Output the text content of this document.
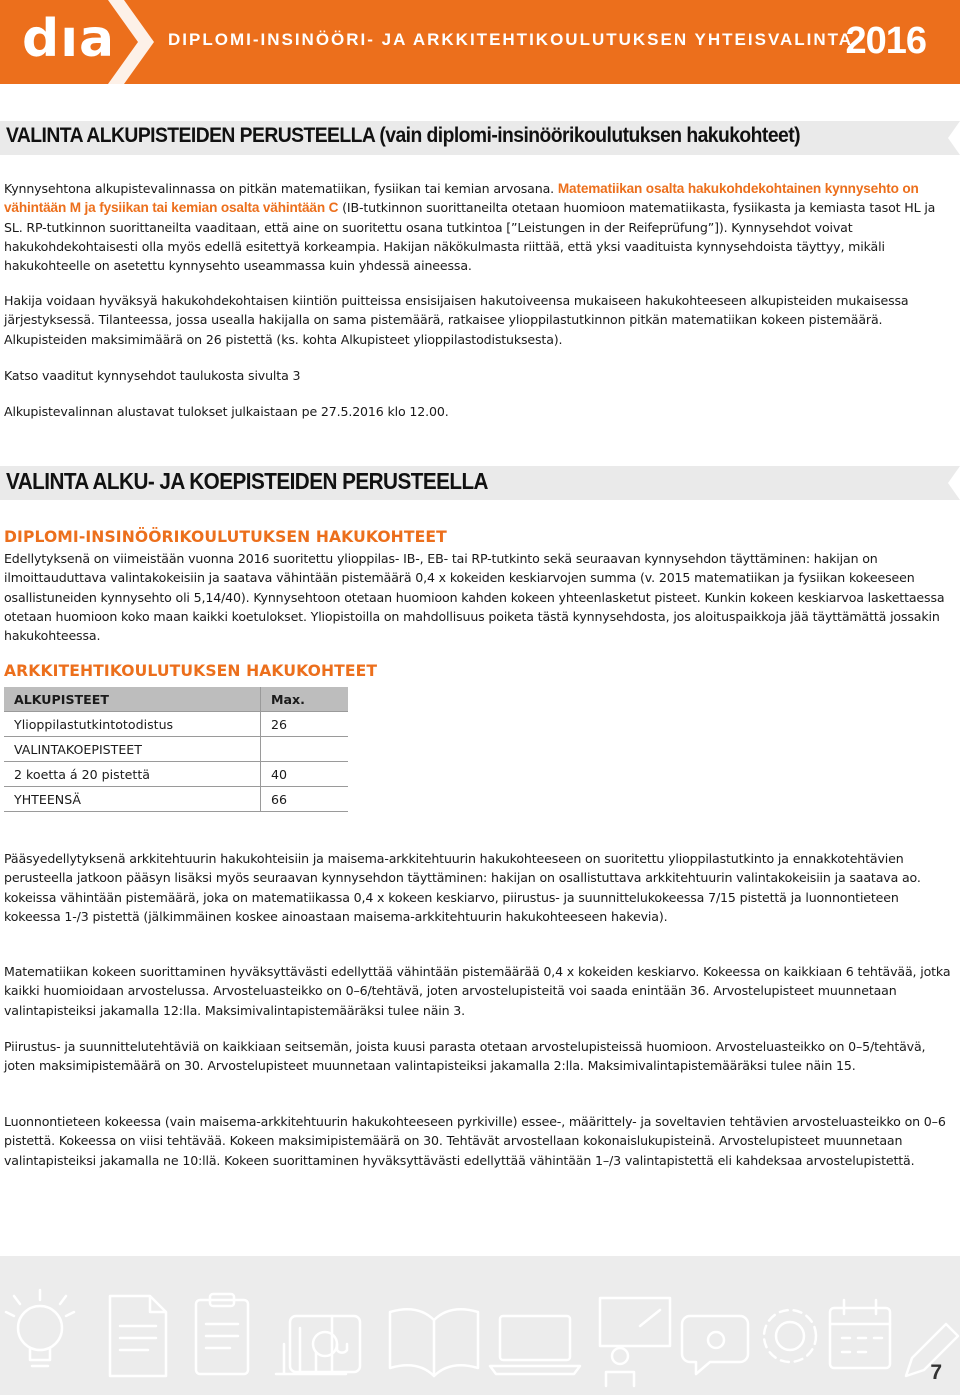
dıa	DIPLOMI-INSINÖÖRI- JA ARKKITEHTIKOULUTUKSEN YHTEISVALINTA
2016
VALINTA ALKUPISTEIDEN PERUSTEELLA (vain diplomi-insinöörikoulutuksen hakukohteet)

Kynnysehtona alkupistevalinnassa on pitkän matematiikan, fysiikan tai kemian arvosana. Matematiikan osalta hakukohdekohtainen kynnysehto on vähintään M ja fysiikan tai kemian osalta vähintään C (IB-tutkinnon suorittaneilta otetaan huomioon matematiikasta, fysiikasta ja kemiasta tasot HL ja SL. RP-tutkinnon suorittaneilta vaaditaan, että aine on suoritettu osana tutkintoa [”Leistungen in der Reifeprüfung”]). Kynnysehdot voivat hakukohdekohtaisesti olla myös edellä esitettyä korkeampia. Hakijan näkökulmasta riittää, että yksi vaadituista kynnysehdoista täyttyy, mikäli hakukohteelle on asetettu kynnysehto useammassa kuin yhdessä aineessa.

Hakija voidaan hyväksyä hakukohdekohtaisen kiintiön puitteissa ensisijaisen hakutoiveensa mukaiseen hakukohteeseen alkupisteiden mukaisessa järjestyksessä. Tilanteessa, jossa usealla hakijalla on sama pistemäärä, ratkaisee ylioppilastutkinnon pitkän matematiikan kokeen pistemäärä. Alkupisteiden maksimimäärä on 26 pistettä (ks. kohta Alkupisteet ylioppilastodistuksesta).

Katso vaaditut kynnysehdot taulukosta sivulta 3

Alkupistevalinnan alustavat tulokset julkaistaan pe 27.5.2016 klo 12.00.

VALINTA ALKU- JA KOEPISTEIDEN PERUSTEELLA
DIPLOMI-INSINÖÖRIKOULUTUKSEN HAKUKOHTEET

Edellytyksenä on viimeistään vuonna 2016 suoritettu ylioppilas- IB-, EB- tai RP-tutkinto sekä seuraavan kynnysehdon täyttäminen: hakijan on ilmoittauduttava valintakokeisiin ja saatava vähintään pistemäärä 0,4 x kokeiden keskiarvojen summa (v. 2015 matematiikan ja fysiikan kokeeseen osallistuneiden kynnysehto oli 5,14/40). Kynnysehtoon otetaan huomioon kahden kokeen yhteenlasketut pisteet. Kunkin kokeen keskiarvoa laskettaessa otetaan huomioon koko maan kaikki koetulokset. Yliopistoilla on mahdollisuus poiketa tästä kynnysehdosta, jos aloituspaikkoja jää täyttämättä jossakin hakukohteessa.

ARKKITEHTIKOULUTUKSEN HAKUKOHTEET
ALKUPISTEET	Max.
Ylioppilastutkintotodistus	26
VALINTAKOEPISTEET	
2 koetta á 20 pistettä	40
YHTEENSÄ	66

Pääsyedellytyksenä arkkitehtuurin hakukohteisiin ja maisema-arkkitehtuurin hakukohteeseen on suoritettu ylioppilastutkinto ja ennakkotehtävien perusteella jatkoon pääsyn lisäksi myös seuraavan kynnysehdon täyttäminen: hakijan on osallistuttava arkkitehtuurin valintakokeisiin ja saatava ao. kokeissa vähintään pistemäärä, joka on matematiikassa 0,4 x kokeen keskiarvo, piirustus- ja suunnittelukokeessa 7/15 pistettä ja luonnontieteen kokeessa 1-/3 pistettä (jälkimmäinen koskee ainoastaan maisema-arkkitehtuurin hakukohteeseen hakevia).

Matematiikan kokeen suorittaminen hyväksyttävästi edellyttää vähintään pistemäärää 0,4 x kokeiden keskiarvo. Kokeessa on kaikkiaan 6 tehtävää, jotka kaikki huomioidaan arvostelussa. Arvosteluasteikko on 0–6/tehtävä, joten arvostelupisteitä voi saada enintään 36. Arvostelupisteet muunnetaan valintapisteiksi jakamalla 12:lla. Maksimivalintapistemääräksi tulee näin 3.

Piirustus- ja suunnittelutehtäviä on kaikkiaan seitsemän, joista kuusi parasta otetaan arvostelupisteissä huomioon. Arvosteluasteikko on 0–5/tehtävä, joten maksimipistemäärä on 30. Arvostelupisteet muunnetaan valintapisteiksi jakamalla 2:lla. Maksimivalintapistemääräksi tulee näin 15.

Luonnontieteen kokeessa (vain maisema-arkkitehtuurin hakukohteeseen pyrkiville) essee-, määrittely- ja soveltavien tehtävien arvosteluasteikko on 0–6 pistettä. Kokeessa on viisi tehtävää. Kokeen maksimipistemäärä on 30. Tehtävät arvostellaan kokonaislukupisteinä. Arvostelupisteet muunnetaan valintapisteiksi jakamalla ne 10:llä. Kokeen suorittaminen hyväksyttävästi edellyttää vähintään 1–/3 valintapistettä eli kahdeksaa arvostelupistettä.

7
